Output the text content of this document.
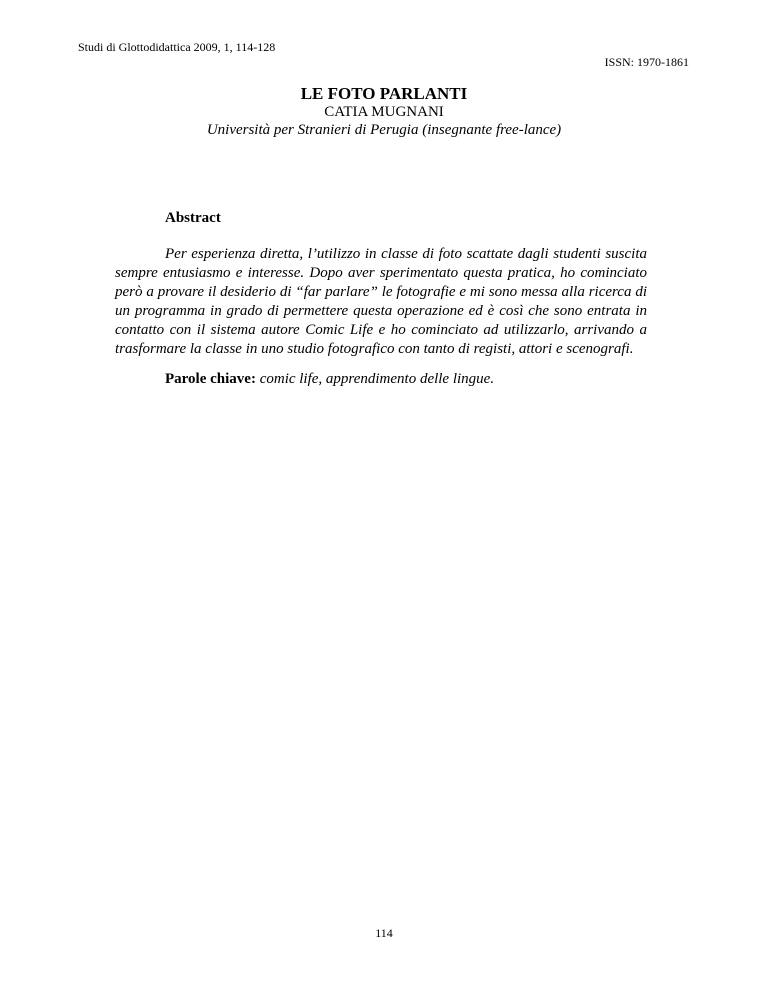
Studi di Glottodidattica 2009, 1, 114-128

ISSN: 1970-1861

LE FOTO PARLANTI

CATIA MUGNANI

Università per Stranieri di Perugia (insegnante free-lance)

Abstract

Per esperienza diretta, l’utilizzo in classe di foto scattate dagli studenti suscita sempre entusiasmo e interesse. Dopo aver sperimentato questa pratica, ho cominciato però a provare il desiderio di “far parlare” le fotografie e mi sono messa alla ricerca di un programma in grado di permettere questa operazione ed è così che sono entrata in contatto con il sistema autore Comic Life e ho cominciato ad utilizzarlo, arrivando a trasformare la classe in uno studio fotografico con tanto di registi, attori e scenografi.

Parole chiave: comic life, apprendimento delle lingue.

114
